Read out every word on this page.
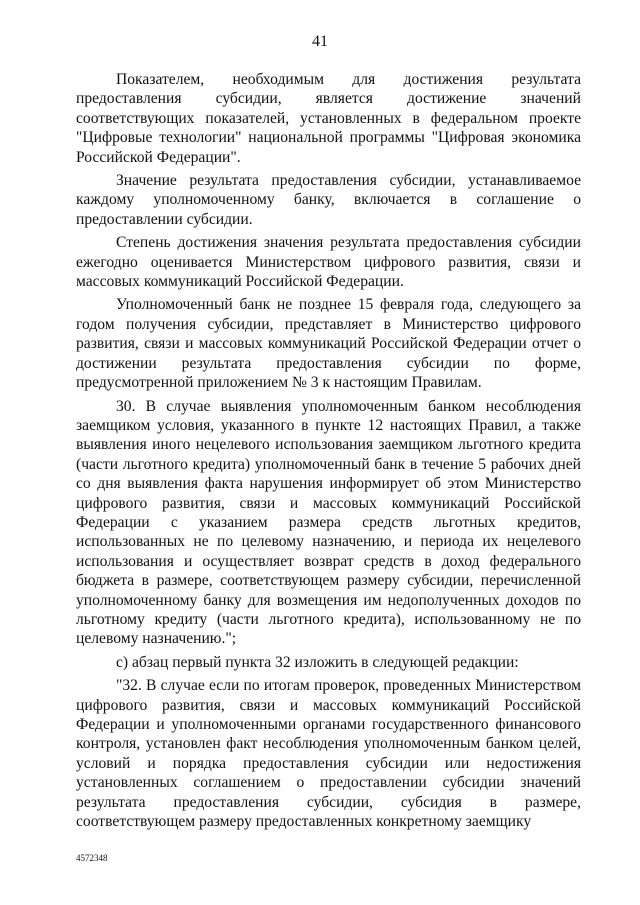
41

Показателем, необходимым для достижения результата предоставления субсидии, является достижение значений соответствующих показателей, установленных в федеральном проекте "Цифровые технологии" национальной программы "Цифровая экономика Российской Федерации".

Значение результата предоставления субсидии, устанавливаемое каждому уполномоченному банку, включается в соглашение о предоставлении субсидии.

Степень достижения значения результата предоставления субсидии ежегодно оценивается Министерством цифрового развития, связи и массовых коммуникаций Российской Федерации.

Уполномоченный банк не позднее 15 февраля года, следующего за годом получения субсидии, представляет в Министерство цифрового развития, связи и массовых коммуникаций Российской Федерации отчет о достижении результата предоставления субсидии по форме, предусмотренной приложением № 3 к настоящим Правилам.

30. В случае выявления уполномоченным банком несоблюдения заемщиком условия, указанного в пункте 12 настоящих Правил, а также выявления иного нецелевого использования заемщиком льготного кредита (части льготного кредита) уполномоченный банк в течение 5 рабочих дней со дня выявления факта нарушения информирует об этом Министерство цифрового развития, связи и массовых коммуникаций Российской Федерации с указанием размера средств льготных кредитов, использованных не по целевому назначению, и периода их нецелевого использования и осуществляет возврат средств в доход федерального бюджета в размере, соответствующем размеру субсидии, перечисленной уполномоченному банку для возмещения им недополученных доходов по льготному кредиту (части льготного кредита), использованному не по целевому назначению.";

с) абзац первый пункта 32 изложить в следующей редакции:

"32. В случае если по итогам проверок, проведенных Министерством цифрового развития, связи и массовых коммуникаций Российской Федерации и уполномоченными органами государственного финансового контроля, установлен факт несоблюдения уполномоченным банком целей, условий и порядка предоставления субсидии или недостижения установленных соглашением о предоставлении субсидии значений результата предоставления субсидии, субсидия в размере, соответствующем размеру предоставленных конкретному заемщику

4572348
